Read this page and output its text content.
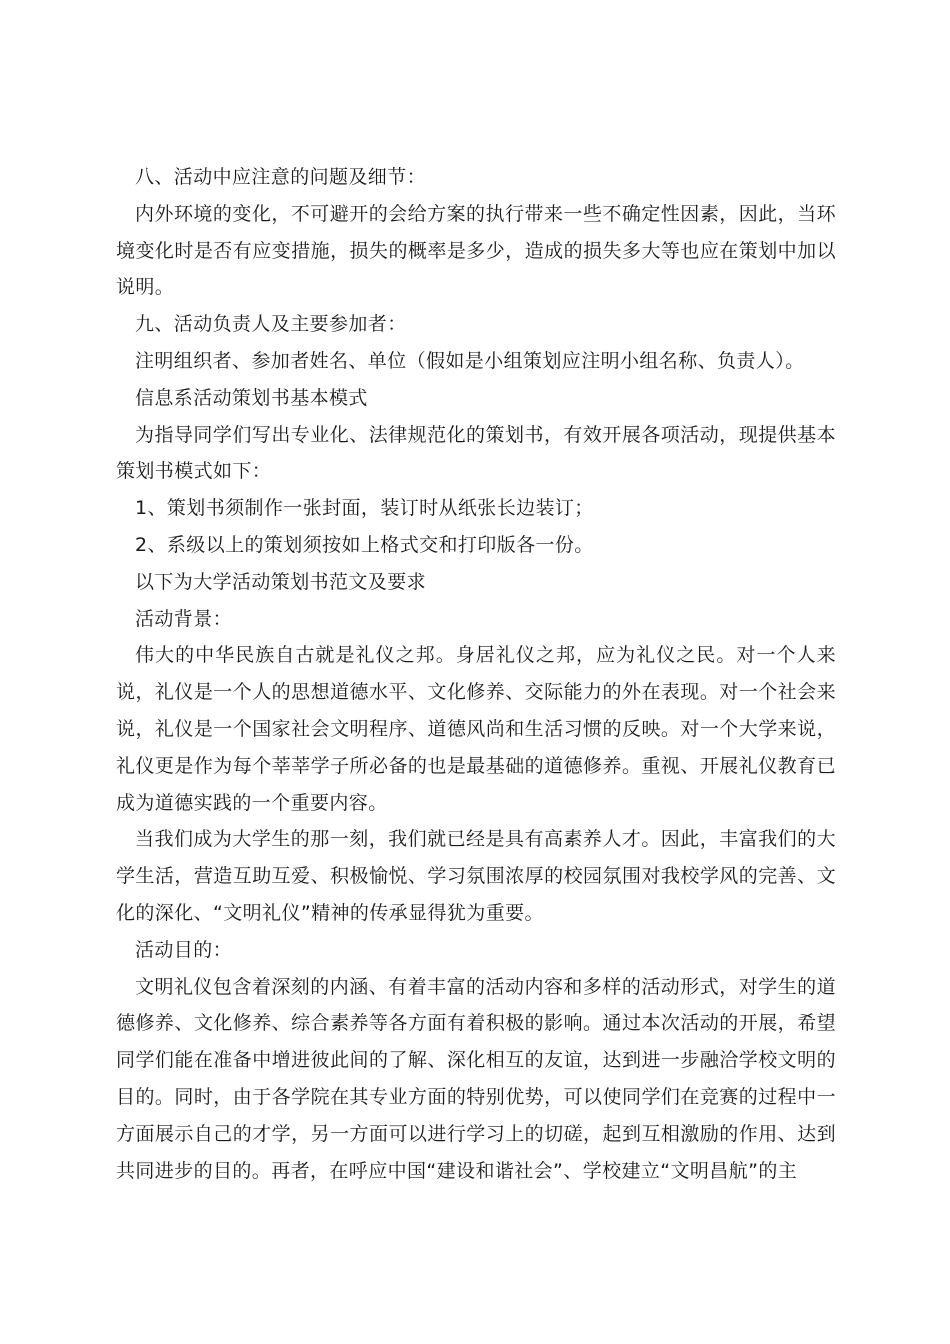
八、活动中应注意的问题及细节：

内外环境的变化，不可避开的会给方案的执行带来一些不确定性因素，因此，当环境变化时是否有应变措施，损失的概率是多少，造成的损失多大等也应在策划中加以说明。

九、活动负责人及主要参加者：

注明组织者、参加者姓名、单位（假如是小组策划应注明小组名称、负责人）。

信息系活动策划书基本模式

为指导同学们写出专业化、法律规范化的策划书，有效开展各项活动，现提供基本策划书模式如下：

1、策划书须制作一张封面，装订时从纸张长边装订；

2、系级以上的策划须按如上格式交和打印版各一份。

以下为大学活动策划书范文及要求

活动背景：

伟大的中华民族自古就是礼仪之邦。身居礼仪之邦，应为礼仪之民。对一个人来说，礼仪是一个人的思想道德水平、文化修养、交际能力的外在表现。对一个社会来说，礼仪是一个国家社会文明程序、道德风尚和生活习惯的反映。对一个大学来说，礼仪更是作为每个莘莘学子所必备的也是最基础的道德修养。重视、开展礼仪教育已成为道德实践的一个重要内容。

当我们成为大学生的那一刻，我们就已经是具有高素养人才。因此，丰富我们的大学生活，营造互助互爱、积极愉悦、学习氛围浓厚的校园氛围对我校学风的完善、文化的深化、“文明礼仪”精神的传承显得犹为重要。

活动目的：

文明礼仪包含着深刻的内涵、有着丰富的活动内容和多样的活动形式，对学生的道德修养、文化修养、综合素养等各方面有着积极的影响。通过本次活动的开展，希望同学们能在准备中增进彼此间的了解、深化相互的友谊，达到进一步融洽学校文明的目的。同时，由于各学院在其专业方面的特别优势，可以使同学们在竞赛的过程中一方面展示自己的才学，另一方面可以进行学习上的切磋，起到互相激励的作用、达到共同进步的目的。再者，在呼应中国“建设和谐社会”、学校建立“文明昌航”的主
